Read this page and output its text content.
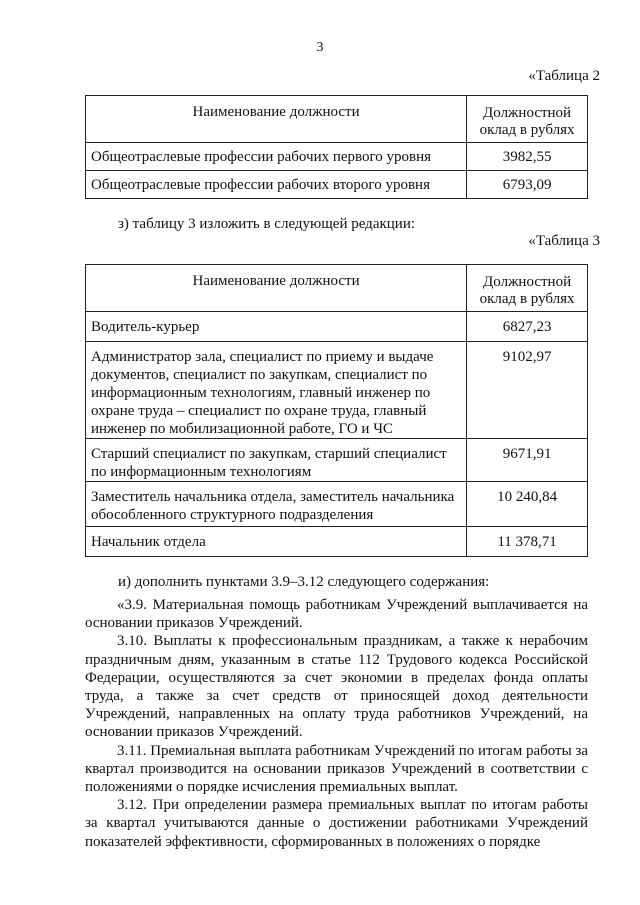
3
«Таблица 2
Наименование должности	Должностной оклад в рублях
Общеотраслевые профессии рабочих первого уровня	3982,55
Общеотраслевые профессии рабочих второго уровня	6793,09
з) таблицу 3 изложить в следующей редакции:
«Таблица 3
Наименование должности	Должностной оклад в рублях
Водитель-курьер	6827,23
Администратор зала, специалист по приему и выдаче документов, специалист по закупкам, специалист по информационным технологиям, главный инженер по охране труда – специалист по охране труда, главный инженер по мобилизационной работе, ГО и ЧС	9102,97
Старший специалист по закупкам, старший специалист по информационным технологиям	9671,91
Заместитель начальника отдела, заместитель начальника обособленного структурного подразделения	10 240,84
Начальник отдела	11 378,71
и) дополнить пунктами 3.9–3.12 следующего содержания:

«3.9. Материальная помощь работникам Учреждений выплачивается на основании приказов Учреждений.

3.10. Выплаты к профессиональным праздникам, а также к нерабочим праздничным дням, указанным в статье 112 Трудового кодекса Российской Федерации, осуществляются за счет экономии в пределах фонда оплаты труда, а также за счет средств от приносящей доход деятельности Учреждений, направленных на оплату труда работников Учреждений, на основании приказов Учреждений.

3.11. Премиальная выплата работникам Учреждений по итогам работы за квартал производится на основании приказов Учреждений в соответствии с положениями о порядке исчисления премиальных выплат.

3.12. При определении размера премиальных выплат по итогам работы за квартал учитываются данные о достижении работниками Учреждений показателей эффективности, сформированных в положениях о порядке
